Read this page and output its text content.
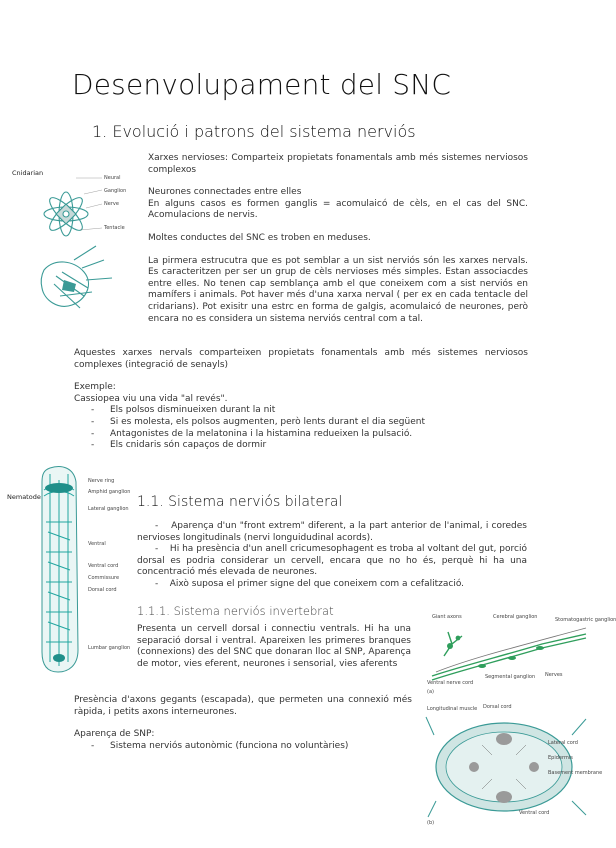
Desenvolupament del SNC
1. Evolució i patrons del sistema nerviós
Cnidarian
Neural
Ganglion
Nerve
Tentacle

Xarxes nervioses: Comparteix propietats fonamentals amb més sistemes nerviosos complexos

Neurones connectades entre elles

En alguns casos es formen ganglis = acomulaicó de cèls, en el cas del SNC. Acomulacions de nervis.

Moltes conductes del SNC es troben en meduses.

La pirmera estrucutra que es pot semblar a un sist nerviós són les xarxes nervals. Es caracteritzen per ser un grup de cèls nervioses més simples. Estan associacdes entre elles. No tenen cap semblança amb el que coneixem com a sist nerviós en mamífers i animals. Pot haver més d'una xarxa nerval ( per ex en cada tentacle del cridarians). Pot exisitr una estrc en forma de galgis, acomulaicó de neurones, però encara no es considera un sistema nerviós central com a tal.

Aquestes xarxes nervals comparteixen propietats fonamentals amb més sistemes nerviosos complexes (integració de senayls)

Exemple:

Cassiopea viu una vida "al revés".

- Els polsos disminueixen durant la nit
- Si es molesta, els polsos augmenten, però lents durant el dia següent
- Antagonistes de la melatonina i la histamina redueixen la pulsació.
- Els cnidaris són capaços de dormir
Nematode
Nerve ring
Amphid ganglion
Lateral ganglion
Ventral
Ventral cord
Commissure
Dorsal cord
Lumbar ganglion
1.1. Sistema nerviós bilateral

-    Aparença d'un "front extrem" diferent, a la part anterior de l'animal, i coredes nervioses longitudinals (nervi longuidudinal acords).

-    Hi ha presència d'un anell cricumesophagent es troba al voltant del gut, porció dorsal es podria considerar un cervell, encara que no ho és, perquè hi ha una concentració més elevada de neurones.

-    Això suposa el primer signe del que coneixem com a cefalització.

1.1.1. Sistema nerviós invertebrat

Presenta un cervell dorsal i connectiu ventrals. Hi ha una separació dorsal i ventral. Apareixen les primeres branques (connexions) des del SNC que donaran lloc al SNP, Aparença de motor, vies eferent, neurones i sensorial, vies aferents

Presència d'axons gegants (escapada), que permeten una connexió més ràpida, i petits axons interneurones.

Aparença de SNP:

- Sistema nerviós autonòmic (funciona no voluntàries)
Giant axons	Stomatogastric ganglion
Cerebral ganglion
Ventral nerve cord
Segmental ganglion Nerves
(a)
Longitudinal muscle Dorsal cord
Lateral cord
Ventral cord
Epidermis
Basement membrane
(b)
